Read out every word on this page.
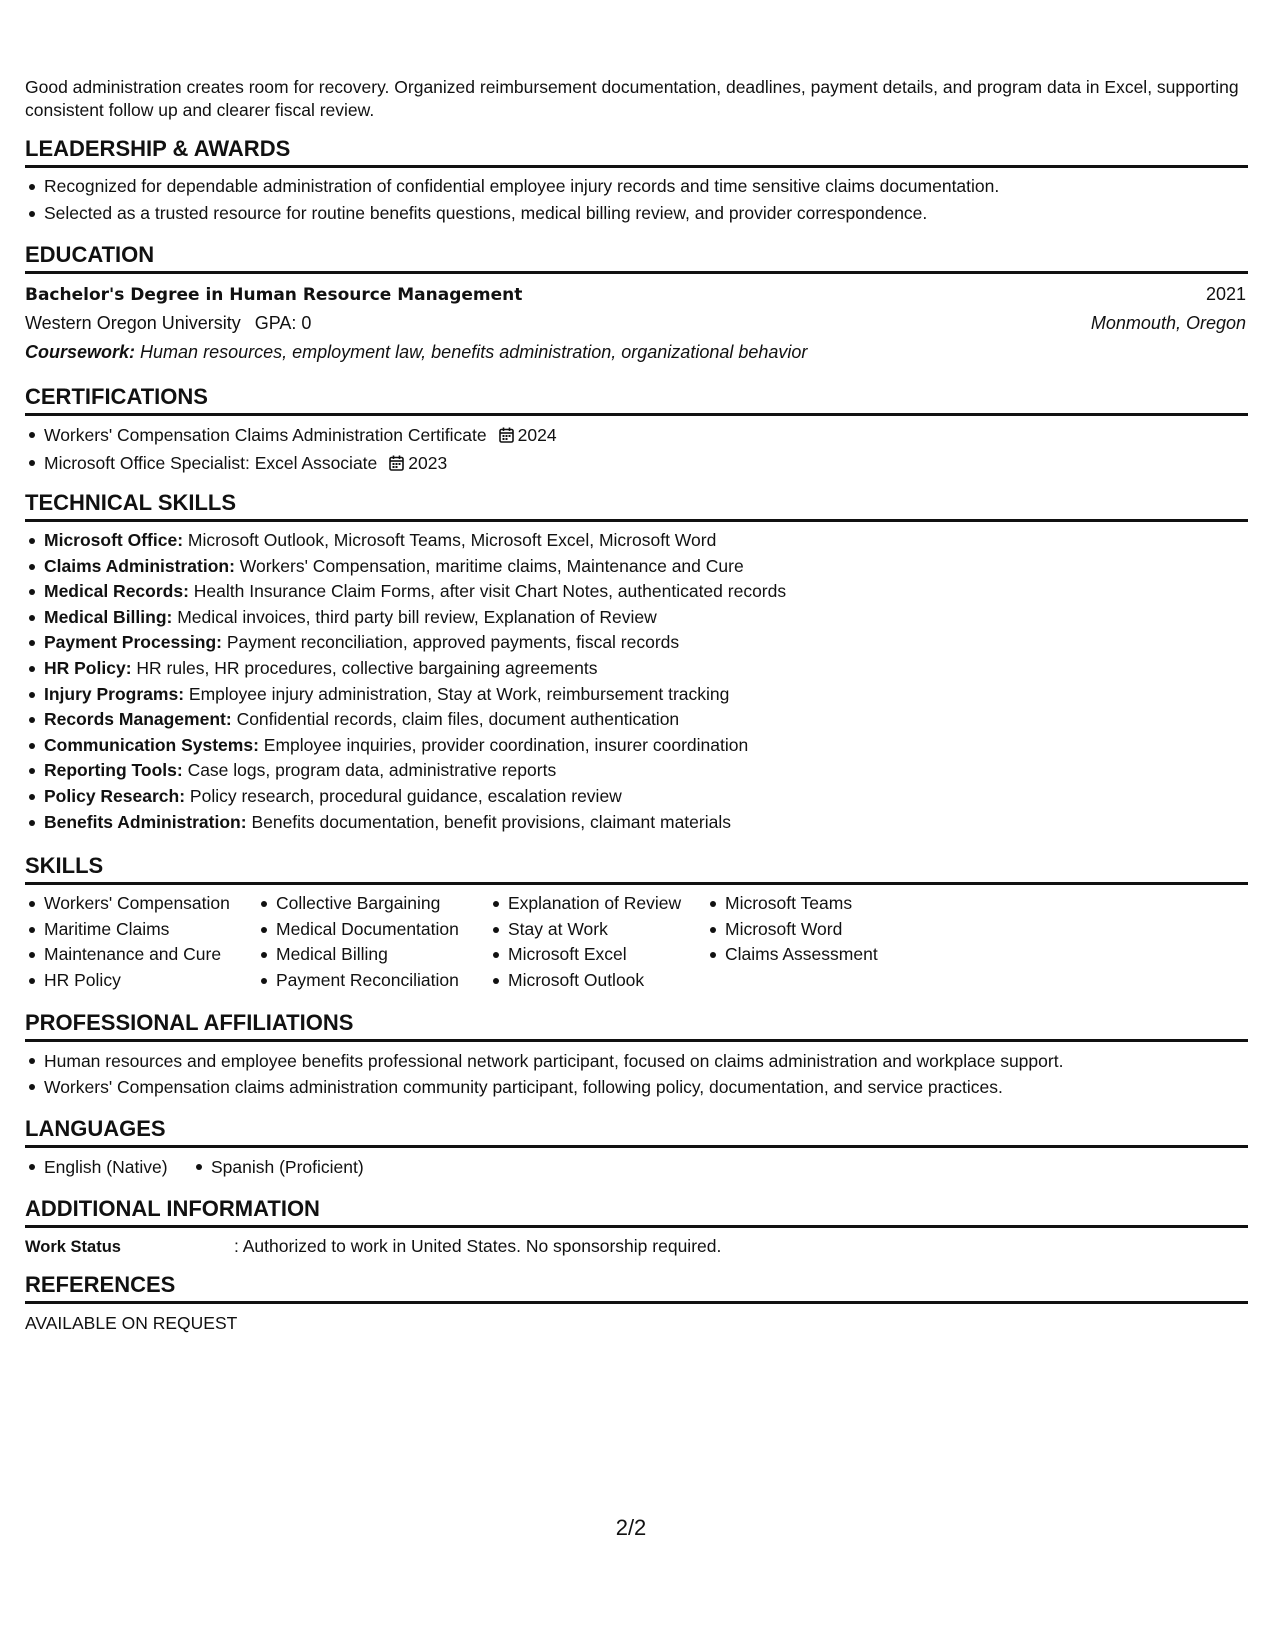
Good administration creates room for recovery. Organized reimbursement documentation, deadlines, payment details, and program data in Excel, supporting consistent follow up and clearer fiscal review.

LEADERSHIP & AWARDS
Recognized for dependable administration of confidential employee injury records and time sensitive claims documentation.
Selected as a trusted resource for routine benefits questions, medical billing review, and provider correspondence.
EDUCATION
Bachelor's Degree in Human Resource Management	2021
Western Oregon University GPA: 0	Monmouth, Oregon
Coursework: Human resources, employment law, benefits administration, organizational behavior
CERTIFICATIONS
Workers' Compensation Claims Administration Certificate 2024
Microsoft Office Specialist: Excel Associate 2023
TECHNICAL SKILLS
Microsoft Office: Microsoft Outlook, Microsoft Teams, Microsoft Excel, Microsoft Word
Claims Administration: Workers' Compensation, maritime claims, Maintenance and Cure
Medical Records: Health Insurance Claim Forms, after visit Chart Notes, authenticated records
Medical Billing: Medical invoices, third party bill review, Explanation of Review
Payment Processing: Payment reconciliation, approved payments, fiscal records
HR Policy: HR rules, HR procedures, collective bargaining agreements
Injury Programs: Employee injury administration, Stay at Work, reimbursement tracking
Records Management: Confidential records, claim files, document authentication
Communication Systems: Employee inquiries, provider coordination, insurer coordination
Reporting Tools: Case logs, program data, administrative reports
Policy Research: Policy research, procedural guidance, escalation review
Benefits Administration: Benefits documentation, benefit provisions, claimant materials
SKILLS
Workers' Compensation
Maritime Claims
Maintenance and Cure
HR Policy
Collective Bargaining
Medical Documentation
Medical Billing
Payment Reconciliation
Explanation of Review
Stay at Work
Microsoft Excel
Microsoft Outlook
Microsoft Teams
Microsoft Word
Claims Assessment
PROFESSIONAL AFFILIATIONS
Human resources and employee benefits professional network participant, focused on claims administration and workplace support.
Workers' Compensation claims administration community participant, following policy, documentation, and service practices.
LANGUAGES
English (Native) Spanish (Proficient)
ADDITIONAL INFORMATION
Work Status	: Authorized to work in United States. No sponsorship required.
REFERENCES
AVAILABLE ON REQUEST
2/2
